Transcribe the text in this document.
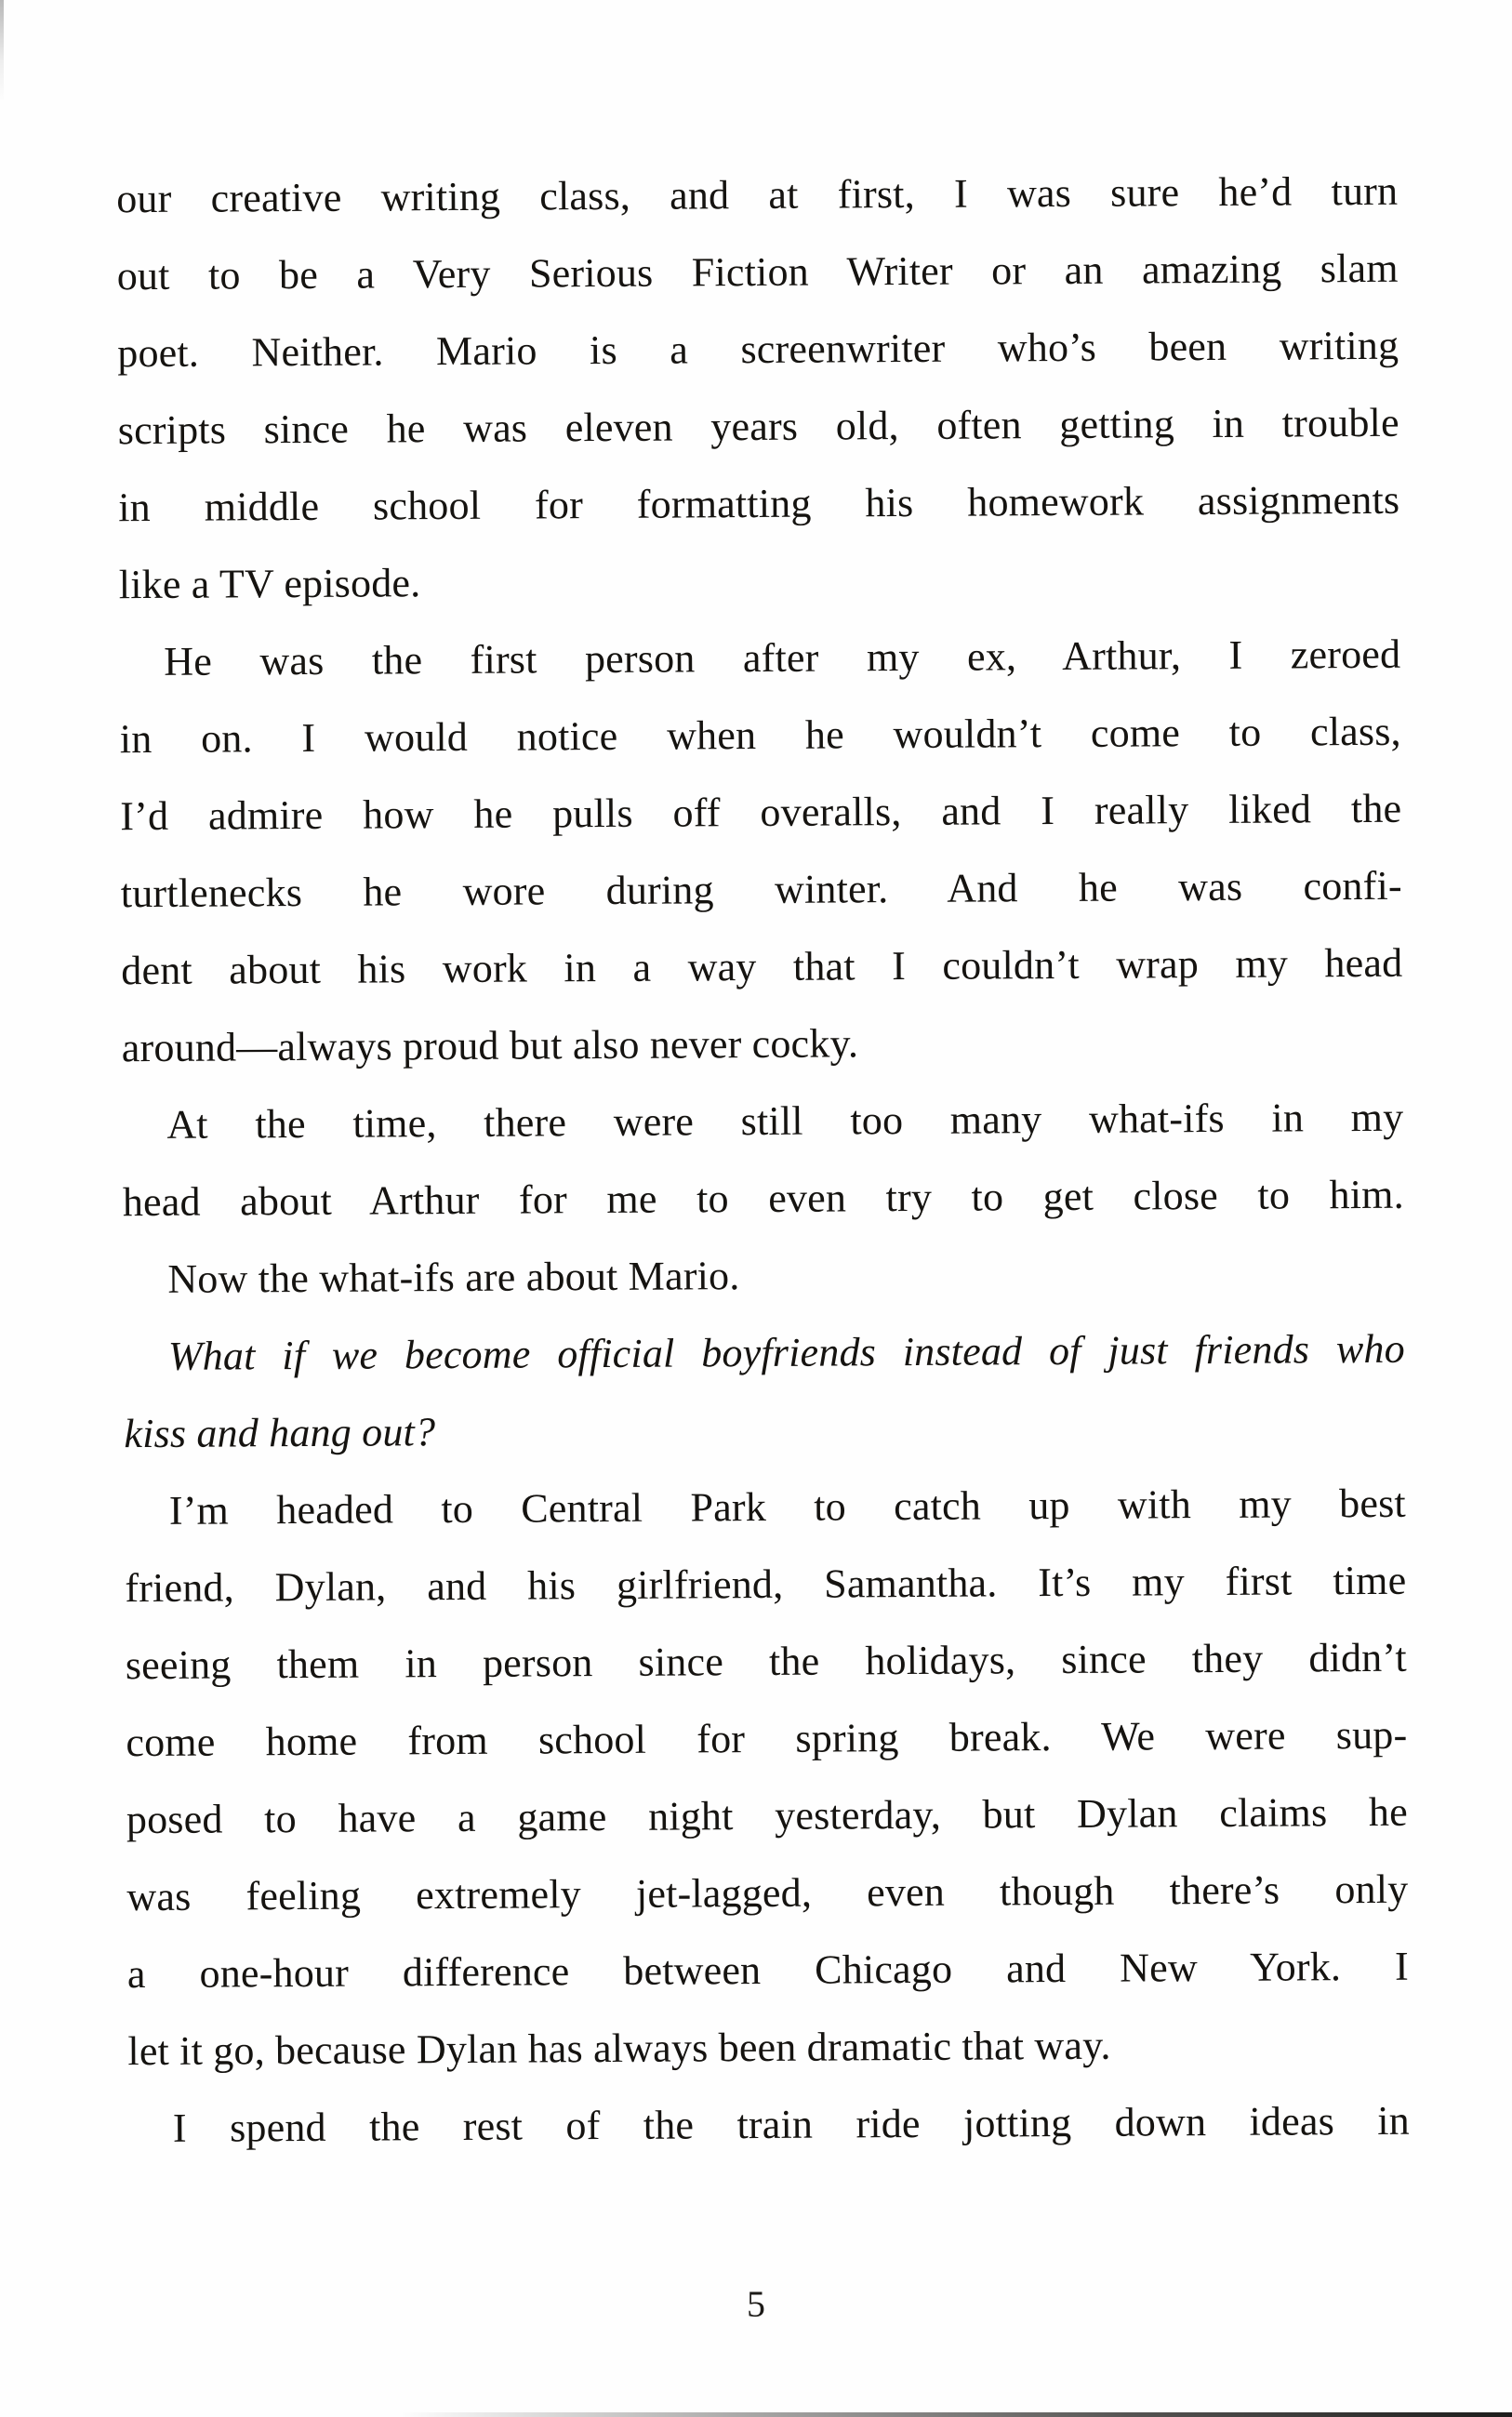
our creative writing class, and at first, I was sure he’d turn
out to be a Very Serious Fiction Writer or an amazing slam
poet. Neither. Mario is a screenwriter who’s been writing
scripts since he was eleven years old, often getting in trouble
in middle school for formatting his homework assignments
like a TV episode.
He was the first person after my ex, Arthur, I zeroed
in on. I would notice when he wouldn’t come to class,
I’d admire how he pulls off overalls, and I really liked the
turtlenecks he wore during winter. And he was confi-
dent about his work in a way that I couldn’t wrap my head
around—always proud but also never cocky.
At the time, there were still too many what-ifs in my
head about Arthur for me to even try to get close to him.
Now the what-ifs are about Mario.
What if we become official boyfriends instead of just friends who
kiss and hang out?
I’m headed to Central Park to catch up with my best
friend, Dylan, and his girlfriend, Samantha. It’s my first time
seeing them in person since the holidays, since they didn’t
come home from school for spring break. We were sup-
posed to have a game night yesterday, but Dylan claims he
was feeling extremely jet-lagged, even though there’s only
a one-hour difference between Chicago and New York. I
let it go, because Dylan has always been dramatic that way.
I spend the rest of the train ride jotting down ideas in
5
